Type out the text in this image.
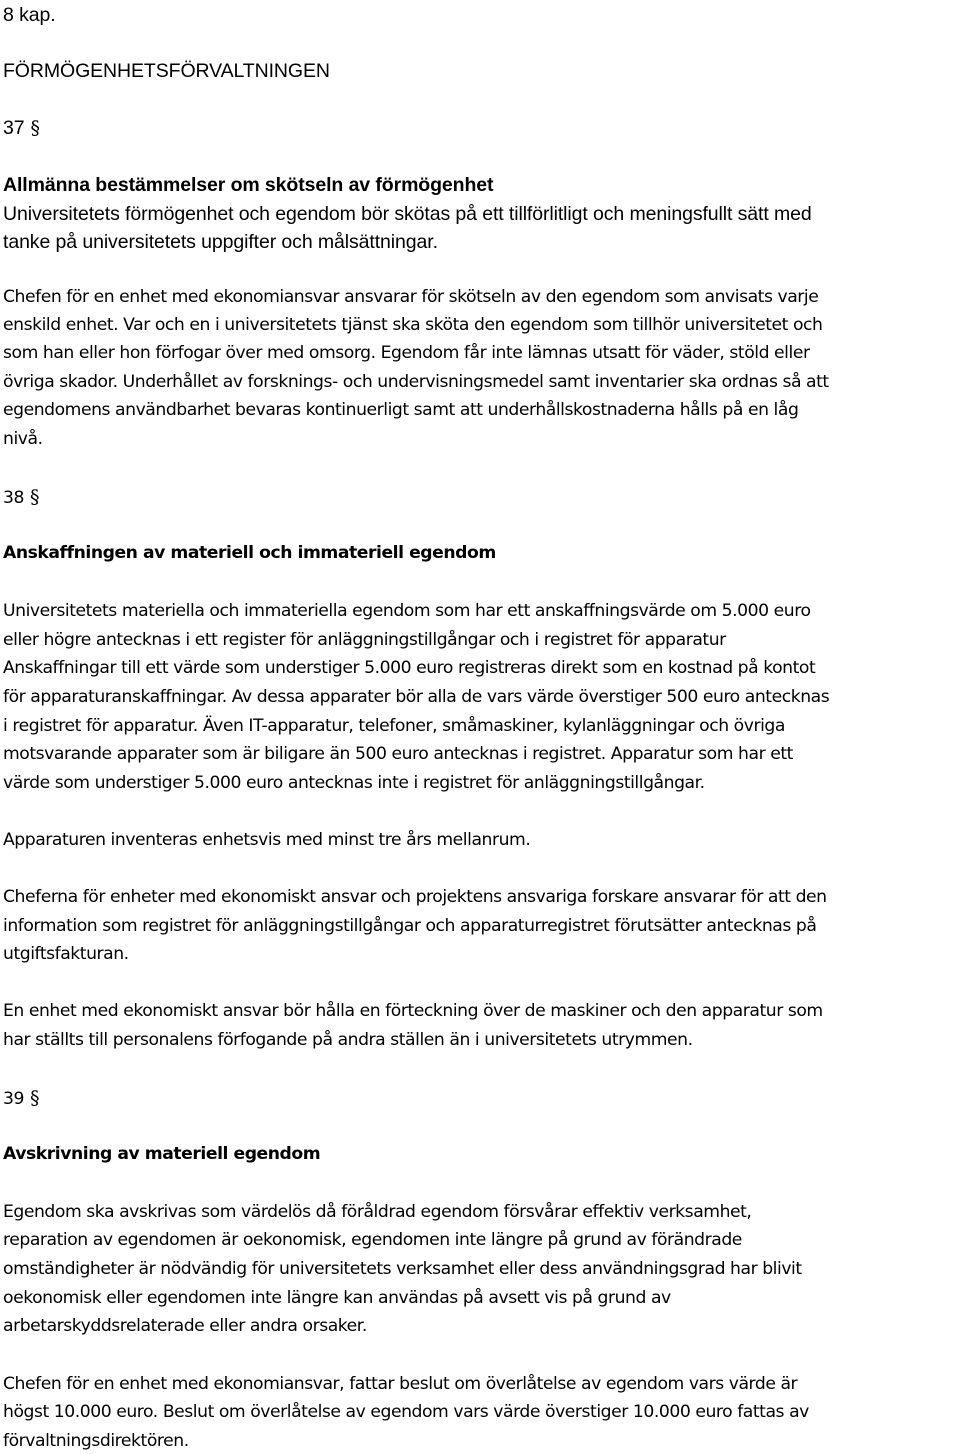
8 kap.
FÖRMÖGENHETSFÖRVALTNINGEN
37 §
Allmänna bestämmelser om skötseln av förmögenhet
Universitetets förmögenhet och egendom bör skötas på ett tillförlitligt och meningsfullt sätt med
tanke på universitetets uppgifter och målsättningar.
Chefen för en enhet med ekonomiansvar ansvarar för skötseln av den egendom som anvisats varje
enskild enhet. Var och en i universitetets tjänst ska sköta den egendom som tillhör universitetet och
som han eller hon förfogar över med omsorg. Egendom får inte lämnas utsatt för väder, stöld eller
övriga skador. Underhållet av forsknings- och undervisningsmedel samt inventarier ska ordnas så att
egendomens användbarhet bevaras kontinuerligt samt att underhållskostnaderna hålls på en låg
nivå.
38 §
Anskaffningen av materiell och immateriell egendom
Universitetets materiella och immateriella egendom som har ett anskaffningsvärde om 5.000 euro
eller högre antecknas i ett register för anläggningstillgångar och i registret för apparatur
Anskaffningar till ett värde som understiger 5.000 euro registreras direkt som en kostnad på kontot
för apparaturanskaffningar. Av dessa apparater bör alla de vars värde överstiger 500 euro antecknas
i registret för apparatur. Även IT-apparatur, telefoner, småmaskiner, kylanläggningar och övriga
motsvarande apparater som är biligare än 500 euro antecknas i registret. Apparatur som har ett
värde som understiger 5.000 euro antecknas inte i registret för anläggningstillgångar.
Apparaturen inventeras enhetsvis med minst tre års mellanrum.
Cheferna för enheter med ekonomiskt ansvar och projektens ansvariga forskare ansvarar för att den
information som registret för anläggningstillgångar och apparaturregistret förutsätter antecknas på
utgiftsfakturan.
En enhet med ekonomiskt ansvar bör hålla en förteckning över de maskiner och den apparatur som
har ställts till personalens förfogande på andra ställen än i universitetets utrymmen.
39 §
Avskrivning av materiell egendom
Egendom ska avskrivas som värdelös då föråldrad egendom försvårar effektiv verksamhet,
reparation av egendomen är oekonomisk, egendomen inte längre på grund av förändrade
omständigheter är nödvändig för universitetets verksamhet eller dess användningsgrad har blivit
oekonomisk eller egendomen inte längre kan användas på avsett vis på grund av
arbetarskyddsrelaterade eller andra orsaker.
Chefen för en enhet med ekonomiansvar, fattar beslut om överlåtelse av egendom vars värde är
högst 10.000 euro. Beslut om överlåtelse av egendom vars värde överstiger 10.000 euro fattas av
förvaltningsdirektören.
